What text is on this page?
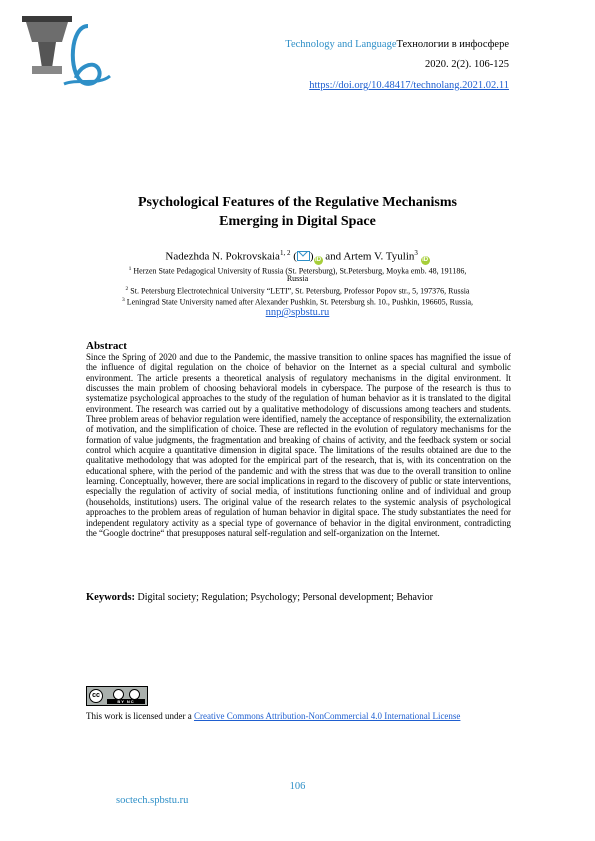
Technology and LanguageТехнологии в инфосфере
2020. 2(2). 106-125
https://doi.org/10.48417/technolang.2021.02.11
Psychological Features of the Regulative Mechanisms
Emerging in Digital Space
Nadezhda N. Pokrovskaia$^{1, 2}$ ( ) iD and Artem V. Tyulin$^3$ iD
$^1$ Herzen State Pedagogical University of Russia (St. Petersburg), St.Petersburg, Moyka emb. 48, 191186,
Russia
$^2$ St. Petersburg Electrotechnical University “LETI”, St. Petersburg, Professor Popov str., 5, 197376, Russia
$^3$ Leningrad State University named after Alexander Pushkin, St. Petersburg sh. 10., Pushkin, 196605, Russia,
nnp@spbstu.ru
Abstract
Since the Spring of 2020 and due to the Pandemic, the massive transition to online spaces has magnified the issue of the influence of digital regulation on the choice of behavior on the Internet as a special cultural and symbolic environment. The article presents a theoretical analysis of regulatory mechanisms in the digital environment. It discusses the main problem of choosing behavioral models in cyberspace. The purpose of the research is thus to systematize psychological approaches to the study of the regulation of human behavior as it is translated to the digital environment. The research was carried out by a qualitative methodology of discussions among teachers and students. Three problem areas of behavior regulation were identified, namely the acceptance of responsibility, the externalization of motivation, and the simplification of choice. These are reflected in the evolution of regulatory mechanisms for the formation of value judgments, the fragmentation and breaking of chains of activity, and the feedback system or social control which acquire a quantitative dimension in digital space. The limitations of the results obtained are due to the qualitative methodology that was adopted for the empirical part of the research, that is, with its concentration on the educational sphere, with the period of the pandemic and with the stress that was due to the overall transition to online learning. Conceptually, however, there are social implications in regard to the discovery of public or state interventions, especially the regulation of activity of social media, of institutions functioning online and of individual and group (households, institutions) users. The original value of the research relates to the systemic analysis of psychological approaches to the problem areas of regulation of human behavior in digital space. The study substantiates the need for independent regulatory activity as a special type of governance of behavior in the digital environment, contradicting the “Google doctrine“ that presupposes natural self-regulation and self-organization on the Internet.
Keywords: Digital society; Regulation; Psychology; Personal development; Behavior
cc
BY NC
This work is licensed under a Creative Commons Attribution-NonCommercial 4.0 International License
106
soctech.spbstu.ru
